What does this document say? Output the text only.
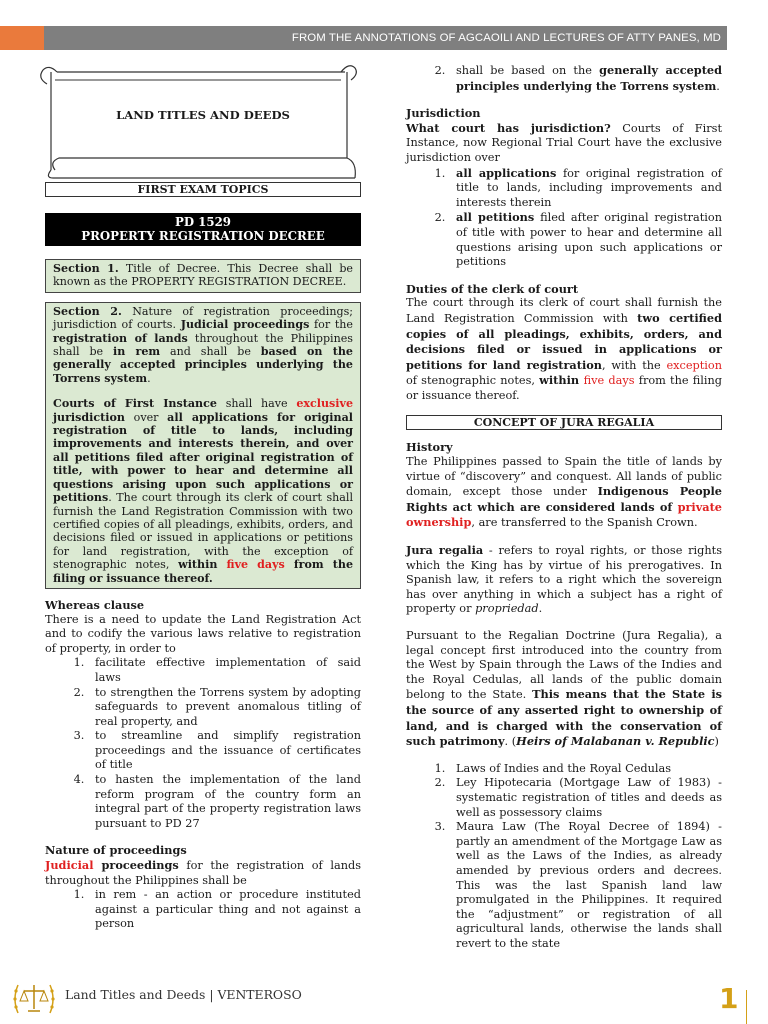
FROM THE ANNOTATIONS OF AGCAOILI AND LECTURES OF ATTY PANES, MD
LAND TITLES AND DEEDS
FIRST EXAM TOPICS
PD 1529
PROPERTY REGISTRATION DECREE
Section 1. Title of Decree. This Decree shall be known as the PROPERTY REGISTRATION DECREE.

Section 2. Nature of registration proceedings; jurisdiction of courts. Judicial proceedings for the registration of lands throughout the Philippines shall be in rem and shall be based on the generally accepted principles underlying the Torrens system.

Courts of First Instance shall have exclusive jurisdiction over all applications for original registration of title to lands, including improvements and interests therein, and over all petitions filed after original registration of title, with power to hear and determine all questions arising upon such applications or petitions. The court through its clerk of court shall furnish the Land Registration Commission with two certified copies of all pleadings, exhibits, orders, and decisions filed or issued in applications or petitions for land registration, with the exception of stenographic notes, within five days from the filing or issuance thereof.

Whereas clause
There is a need to update the Land Registration Act and to codify the various laws relative to registration of property, in order to
1. facilitate effective implementation of said laws
2. to strengthen the Torrens system by adopting safeguards to prevent anomalous titling of real property, and
3. to streamline and simplify registration proceedings and the issuance of certificates of title
4. to hasten the implementation of the land reform program of the country form an integral part of the property registration laws pursuant to PD 27
Nature of proceedings
Judicial proceedings for the registration of lands throughout the Philippines shall be
1. in rem - an action or procedure instituted against a particular thing and not against a person
2. shall be based on the generally accepted principles underlying the Torrens system.
Jurisdiction
What court has jurisdiction? Courts of First Instance, now Regional Trial Court have the exclusive jurisdiction over
1. all applications for original registration of title to lands, including improvements and interests therein
2. all petitions filed after original registration of title with power to hear and determine all questions arising upon such applications or petitions
Duties of the clerk of court
The court through its clerk of court shall furnish the Land Registration Commission with two certified copies of all pleadings, exhibits, orders, and decisions filed or issued in applications or petitions for land registration, with the exception of stenographic notes, within five days from the filing or issuance thereof.
CONCEPT OF JURA REGALIA
History
The Philippines passed to Spain the title of lands by virtue of “discovery” and conquest. All lands of public domain, except those under Indigenous People Rights act which are considered lands of private ownership, are transferred to the Spanish Crown.
Jura regalia - refers to royal rights, or those rights which the King has by virtue of his prerogatives. In Spanish law, it refers to a right which the sovereign has over anything in which a subject has a right of property or propriedad.
Pursuant to the Regalian Doctrine (Jura Regalia), a legal concept first introduced into the country from the West by Spain through the Laws of the Indies and the Royal Cedulas, all lands of the public domain belong to the State. This means that the State is the source of any asserted right to ownership of land, and is charged with the conservation of such patrimony. (Heirs of Malabanan v. Republic)
1. Laws of Indies and the Royal Cedulas
2. Ley Hipotecaria (Mortgage Law of 1983) - systematic registration of titles and deeds as well as possessory claims
3. Maura Law (The Royal Decree of 1894) - partly an amendment of the Mortgage Law as well as the Laws of the Indies, as already amended by previous orders and decrees. This was the last Spanish land law promulgated in the Philippines. It required the “adjustment” or registration of all agricultural lands, otherwise the lands shall revert to the state
Land Titles and Deeds | VENTEROSO	1
